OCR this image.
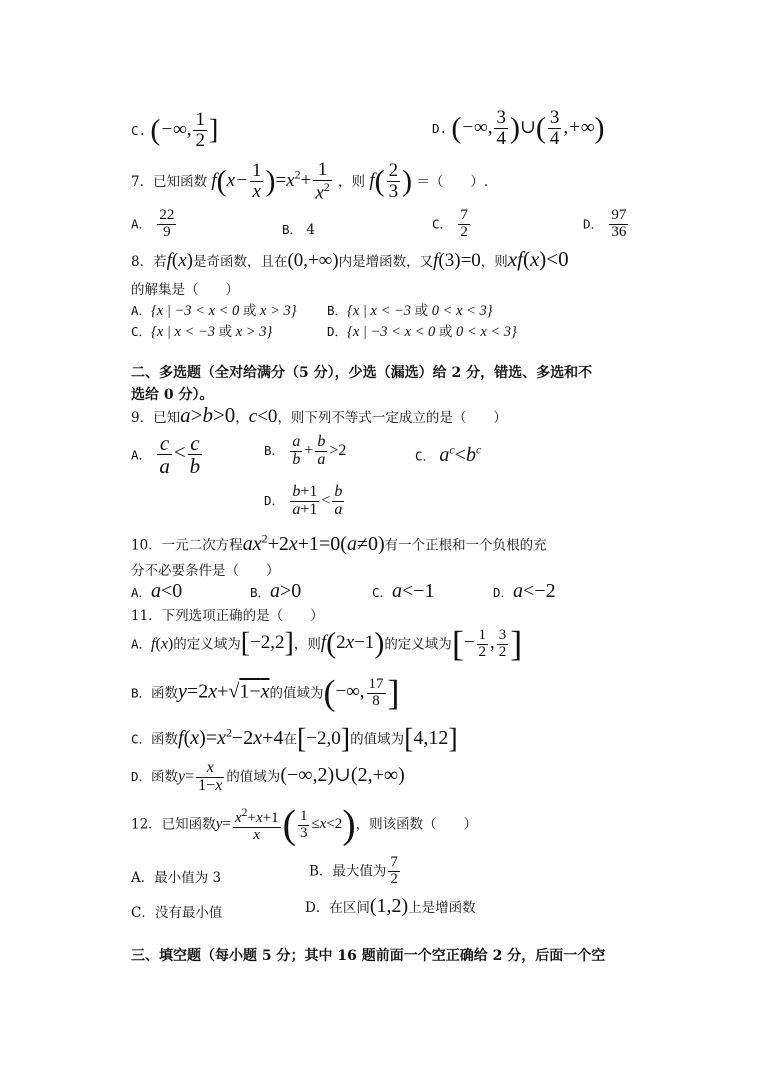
C. (−∞, $\frac{1}{2}$ ]	D. (−∞, $\frac{3}{4}$ )∪( $\frac{3}{4}$ ,+∞)
7．已知函数 $f(x- \frac{1}{x} )=x^2+ \frac{1}{x^2}$ ，则 $f( \frac{2}{3}$ ) ＝（　　）.
A． $\frac{22}{9}$	B． 4	C． $\frac{7}{2}$	D． $\frac{97}{36}$
8．若f(x)是奇函数，且在(0,+∞)内是增函数，又f(3)=0，则xf(x)<0
的解集是（　　）
A．{x | −3 < x < 0 或 x > 3} B．{x | x < −3 或 0 < x < 3}
C．{x | x < −3 或 x > 3}	D．{x | −3 < x < 0 或 0 < x < 3}
二、多选题（全对给满分（5 分），少选（漏选）给 2 分，错选、多选和不
选给 0 分）。
9．已知a>b>0，c<0，则下列不等式一定成立的是（　　）
A． $\frac{c}{a} < \frac{c}{b}$	B． $\frac{a}{b} + \frac{b}{a} >2$	C． $a^c<b^c$
D． $\frac{b+1}{a+1} < \frac{b}{a}$
10．一元二次方程$ax^2+2x+1=0(a\ne 0)$有一个正根和一个负根的充
分不必要条件是（　　）
A．a<0	B．a>0	C．a<−1	D．a<−2
11．下列选项正确的是（　　）
A．f(x)的定义域为[−2,2]，则f(2x−1)的定义域为[− $\frac{1}{2}$ , $\frac{3}{2}$ ]
B．函数y=2x+√1−x的值域为(−∞, $\frac{17}{8}$ ]
C．函数$f(x)=x^2-2x+4$在[−2,0]的值域为[4,12]
D．函数$y= \frac{x}{1-x}$ 的值域为(−∞,2)∪(2,+∞)
12．已知函数$y= \frac{x^2+x+1}{x}$ ( $\frac{1}{3} \le x<2$)，则该函数（　　）
A．最小值为 3	B．最大值为 $\frac{7}{2}$
C．没有最小值	D．在区间(1,2)上是增函数
三、填空题（每小题 5 分；其中 16 题前面一个空正确给 2 分，后面一个空
